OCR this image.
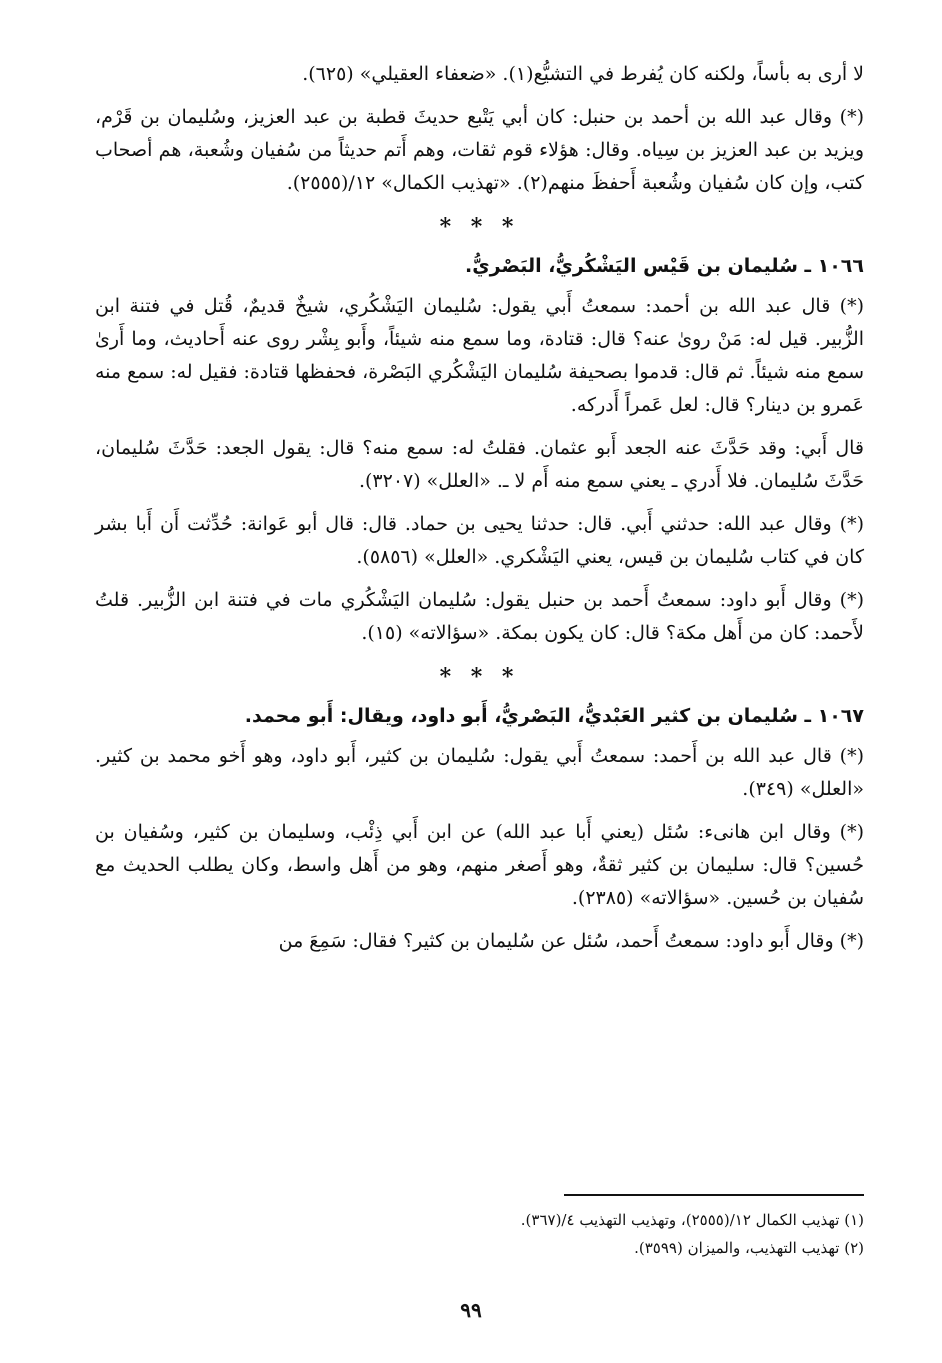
لا أرى به بأساً، ولكنه كان يُفرط في التشيُّع(١). «ضعفاء العقيلي» (٦٢٥).

(*) وقال عبد الله بن أحمد بن حنبل: كان أبي يَتْبع حديثَ قطبة بن عبد العزيز، وسُليمان بن قَرْم، ويزيد بن عبد العزيز بن سِياه. وقال: هؤلاء قوم ثقات، وهم أَتم حديثاً من سُفيان وشُعبة، هم أصحاب كتب، وإن كان سُفيان وشُعبة أَحفظَ منهم(٢). «تهذيب الكمال» ١٢/(٢٥٥٥).

* * *
١٠٦٦ ـ سُليمان بن قَيْس اليَشْكُريُّ، البَصْريُّ.

(*) قال عبد الله بن أحمد: سمعتُ أَبي يقول: سُليمان اليَشْكُري، شيخٌ قديمٌ، قُتل في فتنة ابن الزُّبير. قيل له: مَنْ روىٰ عنه؟ قال: قتادة، وما سمع منه شيئاً، وأَبو بِشْر روى عنه أَحاديث، وما أَرىٰ سمع منه شيئاً. ثم قال: قدموا بصحيفة سُليمان اليَشْكُري البَصْرة، فحفظها قتادة: فقيل له: سمع منه عَمرو بن دينار؟ قال: لعل عَمراً أَدركه.

قال أَبي: وقد حَدَّثَ عنه الجعد أَبو عثمان. فقلتُ له: سمع منه؟ قال: يقول الجعد: حَدَّثَ سُليمان، حَدَّثَ سُليمان. فلا أَدري ـ يعني سمع منه أَم لا ـ. «العلل» (٣٢٠٧).

(*) وقال عبد الله: حدثني أَبي. قال: حدثنا يحيى بن حماد. قال: قال أبو عَوانة: حُدِّثت أَن أَبا بشر كان في كتاب سُليمان بن قيس، يعني اليَشْكري. «العلل» (٥٨٥٦).

(*) وقال أَبو داود: سمعتُ أَحمد بن حنبل يقول: سُليمان اليَشْكُري مات في فتنة ابن الزُّبير. قلتُ لأَحمد: كان من أَهل مكة؟ قال: كان يكون بمكة. «سؤالاته» (١٥).

* * *
١٠٦٧ ـ سُليمان بن كثير العَبْديُّ، البَصْريُّ، أَبو داود، ويقال: أَبو محمد.

(*) قال عبد الله بن أَحمد: سمعتُ أَبي يقول: سُليمان بن كثير، أَبو داود، وهو أَخو محمد بن كثير. «العلل» (٣٤٩).

(*) وقال ابن هانىء: سُئل (يعني أَبا عبد الله) عن ابن أَبي ذِئْب، وسليمان بن كثير، وسُفيان بن حُسين؟ قال: سليمان بن كثير ثقةٌ، وهو أَصغر منهم، وهو من أَهل واسط، وكان يطلب الحديث مع سُفيان بن حُسين. «سؤالاته» (٢٣٨٥).

(*) وقال أَبو داود: سمعتُ أَحمد، سُئل عن سُليمان بن كثير؟ فقال: سَمِعَ من

(١) تهذيب الكمال ١٢/(٢٥٥٥)، وتهذيب التهذيب ٤/(٣٦٧).
(٢) تهذيب التهذيب، والميزان (٣٥٩٩).
٩٩
